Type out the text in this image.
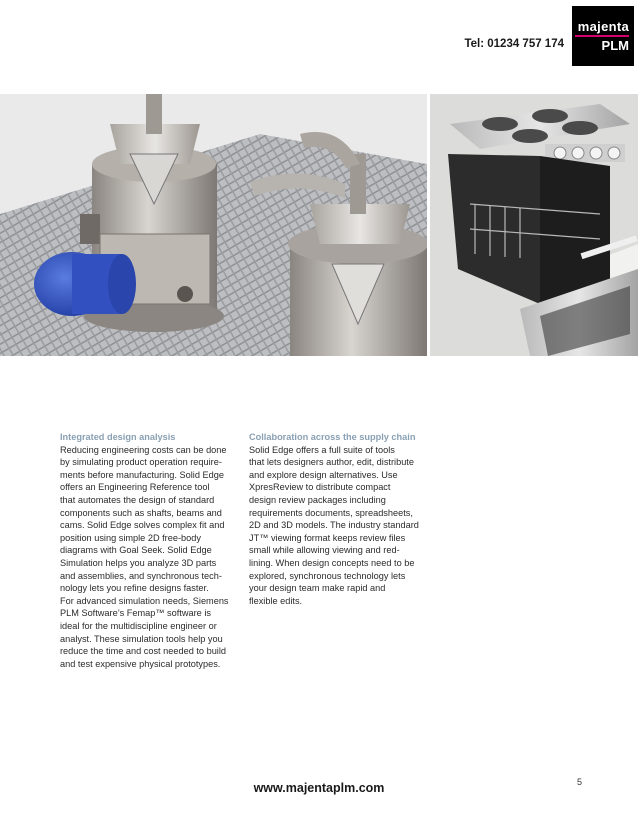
Tel: 01234 757 174
majenta
PLM
Integrated design analysis

Reducing engineering costs can be done
by simulating product operation require-
ments before manufacturing. Solid Edge
offers an Engineering Reference tool
that automates the design of standard
components such as shafts, beams and
cams. Solid Edge solves complex fit and
position using simple 2D free-body
diagrams with Goal Seek. Solid Edge
Simulation helps you analyze 3D parts
and assemblies, and synchronous tech-
nology lets you refine designs faster.
For advanced simulation needs, Siemens
PLM Software’s Femap™ software is
ideal for the multidiscipline engineer or
analyst. These simulation tools help you
reduce the time and cost needed to build
and test expensive physical prototypes.

Collaboration across the supply chain

Solid Edge offers a full suite of tools
that lets designers author, edit, distribute
and explore design alternatives. Use
XpresReview to distribute compact
design review packages including
requirements documents, spreadsheets,
2D and 3D models. The industry standard
JT™ viewing format keeps review files
small while allowing viewing and red-
lining. When design concepts need to be
explored, synchronous technology lets
your design team make rapid and
flexible edits.

www.majentaplm.com	5
